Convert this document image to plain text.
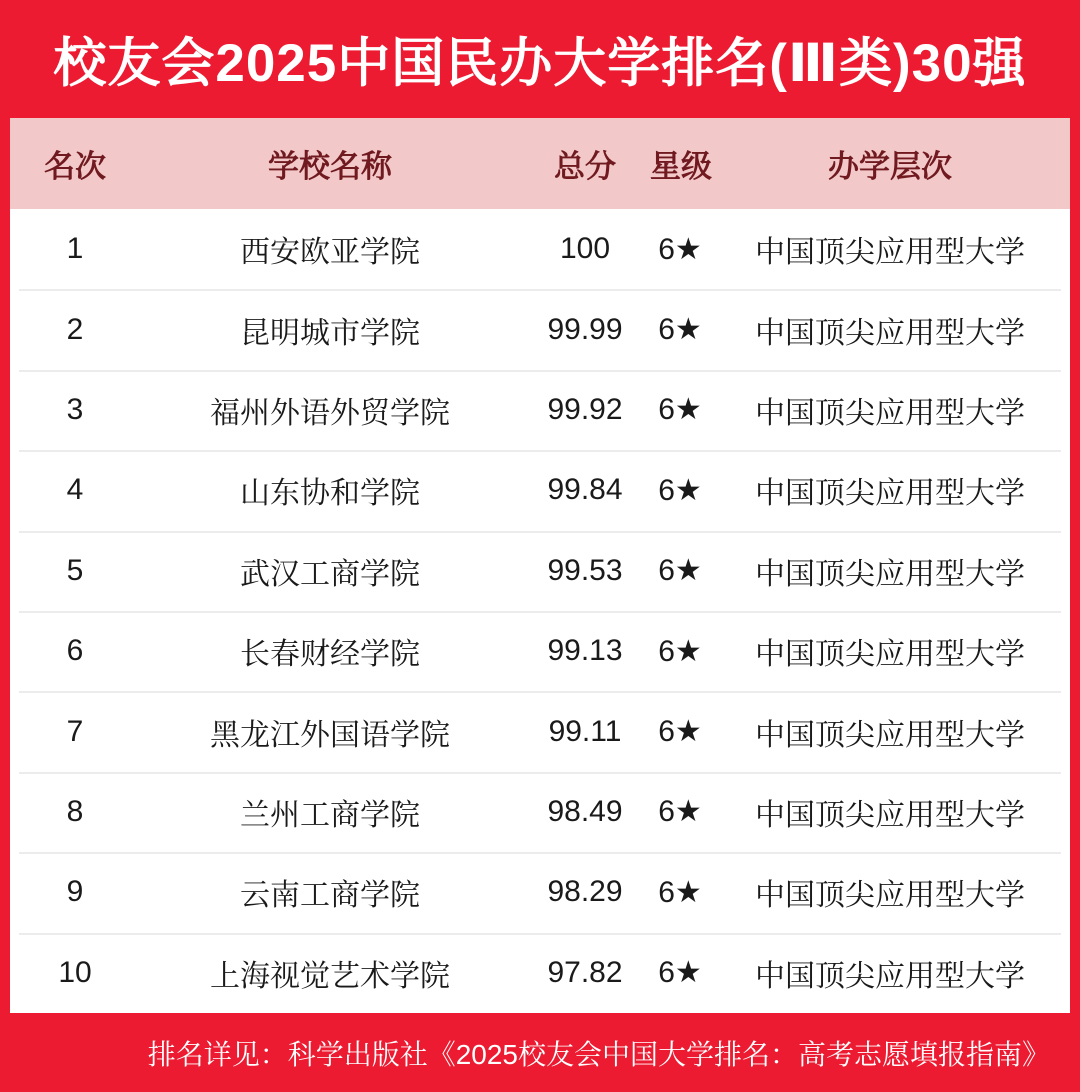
校友会2025中国民办大学排名(Ⅲ类)30强
名次	学校名称	总分	星级	办学层次
1	西安欧亚学院	100	6★	中国顶尖应用型大学
2	昆明城市学院	99.99	6★	中国顶尖应用型大学
3	福州外语外贸学院	99.92	6★	中国顶尖应用型大学
4	山东协和学院	99.84	6★	中国顶尖应用型大学
5	武汉工商学院	99.53	6★	中国顶尖应用型大学
6	长春财经学院	99.13	6★	中国顶尖应用型大学
7	黑龙江外国语学院	99.11	6★	中国顶尖应用型大学
8	兰州工商学院	98.49	6★	中国顶尖应用型大学
9	云南工商学院	98.29	6★	中国顶尖应用型大学
10	上海视觉艺术学院	97.82	6★	中国顶尖应用型大学

排名详见：科学出版社《2025校友会中国大学排名：高考志愿填报指南》
